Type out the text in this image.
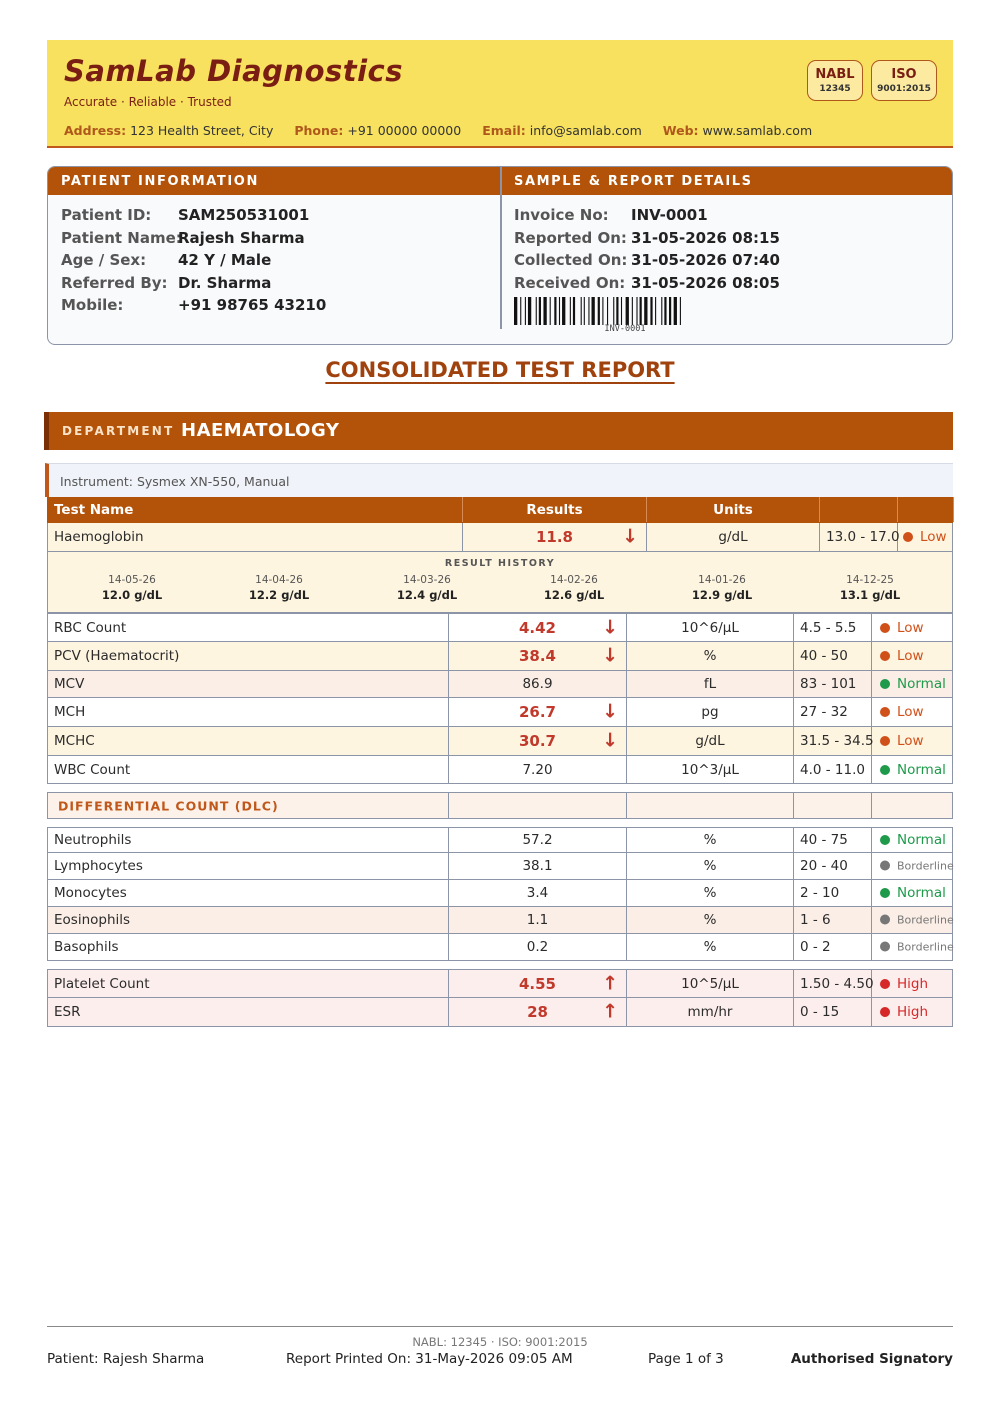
SamLab Diagnostics
Accurate · Reliable · Trusted
Address: 123 Health Street, City Phone: +91 00000 00000 Email: info@samlab.com Web: www.samlab.com
NABL
12345
ISO
9001:2015
PATIENT INFORMATION	SAMPLE & REPORT DETAILS
Patient ID: SAM250531001
Patient Name:
Rajesh Sharma
Age / Sex: 42 Y / Male
Referred By: Dr. Sharma
Mobile:	+91 98765 43210
Invoice No: INV-0001
Reported On: 31-05-2026 08:15
Collected On: 31-05-2026 07:40
Received On: 31-05-2026 08:05
INV-0001
CONSOLIDATED TEST REPORT
DEPARTMENT HAEMATOLOGY
Instrument: Sysmex XN-550, Manual
Test Name	Results	Units
Haemoglobin	11.8	↓	g/dL	13.0 - 17.0	Low
RESULT HISTORY
14-05-26
12.0 g/dL
14-04-26
12.2 g/dL
14-03-26
12.4 g/dL
14-02-26
12.6 g/dL
14-01-26
12.9 g/dL
14-12-25
13.1 g/dL
RBC Count	4.42	↓	10^6/µL	4.5 - 5.5	Low
PCV (Haematocrit)	38.4	↓	%	40 - 50	Low
MCV	86.9	fL	83 - 101	Normal
MCH	26.7	↓	pg	27 - 32	Low
MCHC	30.7	↓	g/dL	31.5 - 34.5	Low
WBC Count	7.20	10^3/µL	4.0 - 11.0	Normal
DIFFERENTIAL COUNT (DLC)
Neutrophils	57.2	%	40 - 75	Normal
Lymphocytes	38.1	%	20 - 40	Borderline
Monocytes	3.4	%	2 - 10	Normal
Eosinophils	1.1	%	1 - 6	Borderline
Basophils	0.2	%	0 - 2	Borderline
Platelet Count	4.55	↑	10^5/µL	1.50 - 4.50	High
ESR	28	↑	mm/hr	0 - 15	High
NABL: 12345 · ISO: 9001:2015
Patient: Rajesh Sharma	Report Printed On: 31-May-2026 09:05 AM	Page 1 of 3	Authorised Signatory
